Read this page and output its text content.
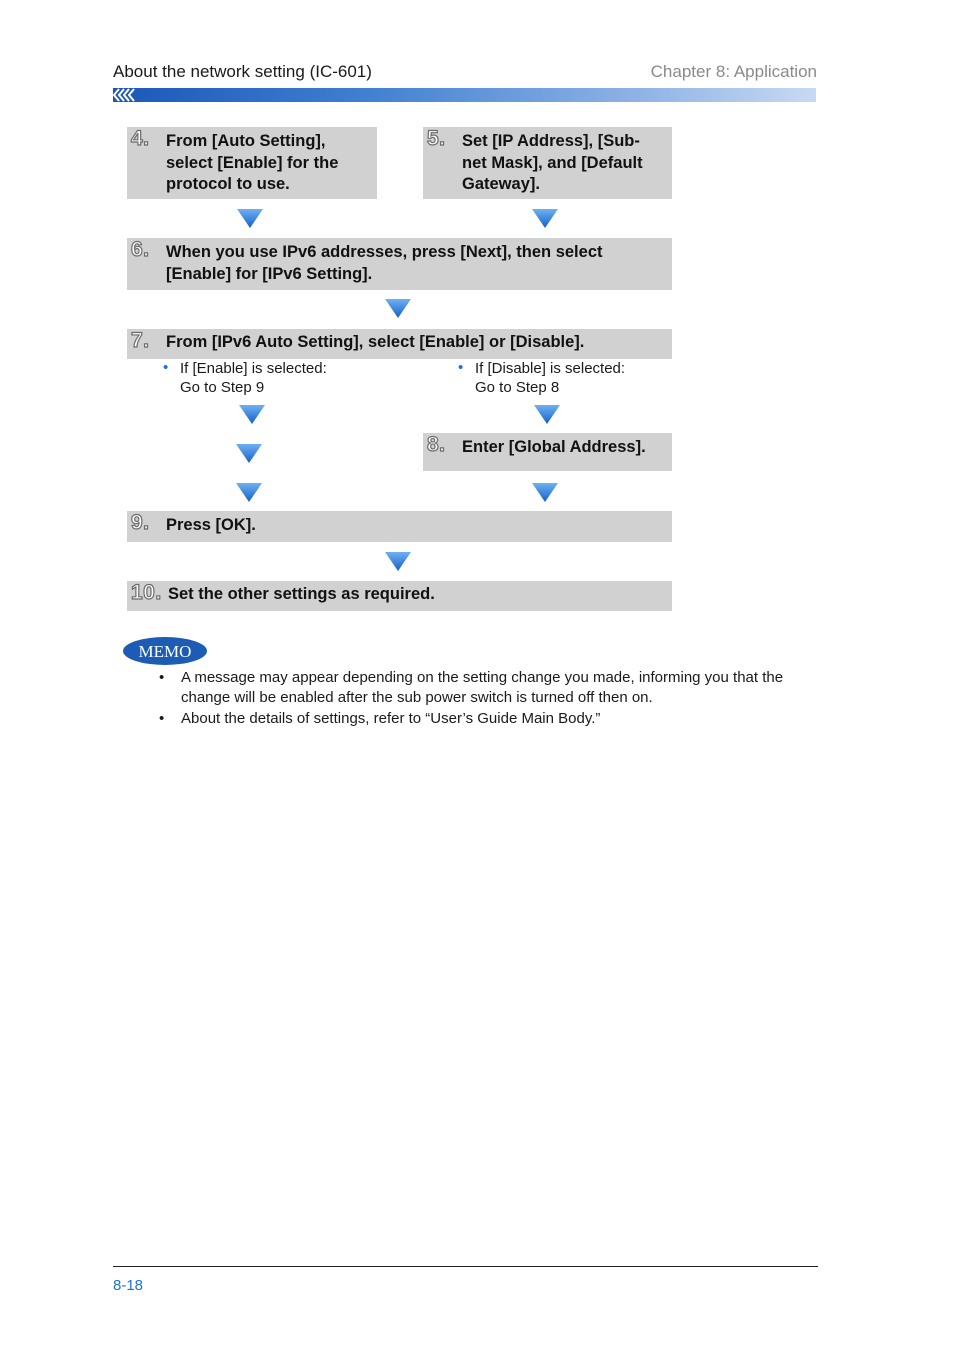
About the network setting (IC-601)	Chapter 8: Application
4. From [Auto Setting], select [Enable] for the protocol to use.
5. Set [IP Address], [Sub-net Mask], and [Default Gateway].
6. When you use IPv6 addresses, press [Next], then select [Enable] for [IPv6 Setting].
7. From [IPv6 Auto Setting], select [Enable] or [Disable].
• If [Enable] is selected:
Go to Step 9
• If [Disable] is selected:
Go to Step 8
8. Enter [Global Address].
9. Press [OK].
10. Set the other settings as required.
MEMO
• A message may appear depending on the setting change you made, informing you that the change will be enabled after the sub power switch is turned off then on.
• About the details of settings, refer to “User’s Guide Main Body.”
8-18
